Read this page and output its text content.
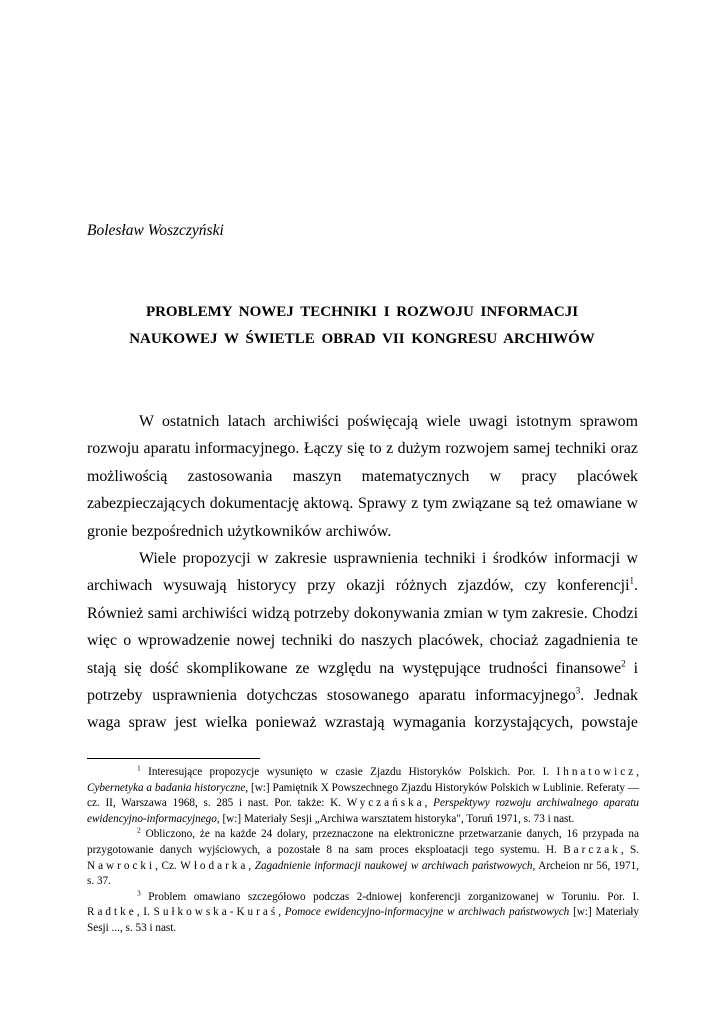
Bolesław Woszczyński
PROBLEMY NOWEJ TECHNIKI I ROZWOJU INFORMACJI
NAUKOWEJ W ŚWIETLE OBRAD VII KONGRESU ARCHIWÓW

W ostatnich latach archiwiści poświęcają wiele uwagi istotnym sprawom rozwoju aparatu informacyjnego. Łączy się to z dużym rozwojem samej techniki oraz możliwością zastosowania maszyn matematycznych w pracy placówek zabezpieczających dokumentację aktową. Sprawy z tym związane są też omawiane w gronie bezpośrednich użytkowników archiwów.

Wiele propozycji w zakresie usprawnienia techniki i środków informacji w archiwach wysuwają historycy przy okazji różnych zjazdów, czy konferencji$^1$. Również sami archiwiści widzą potrzeby dokonywania zmian w tym zakresie. Chodzi więc o wprowadzenie nowej techniki do naszych placówek, chociaż zagadnienia te stają się dość skomplikowane ze względu na występujące trudności finansowe$^2$ i potrzeby usprawnienia dotychczas stosowanego aparatu informacyjnego$^3$. Jednak waga spraw jest wielka ponieważ wzrastają wymagania korzystających, powstaje

$^1$ Interesujące propozycje wysunięto w czasie Zjazdu Historyków Polskich. Por. I. Ihnatowicz, Cybernetyka a badania historyczne, [w:] Pamiętnik X Powszechnego Zjazdu Historyków Polskich w Lublinie. Referaty — cz. II, Warszawa 1968, s. 285 i nast. Por. także: K. Wyczańska, Perspektywy rozwoju archiwalnego aparatu ewidencyjno-informacyjnego, [w:] Materiały Sesji „Archiwa warsztatem historyka", Toruń 1971, s. 73 i nast.

$^2$ Obliczono, że na każde 24 dolary, przeznaczone na elektroniczne przetwarzanie danych, 16 przypada na przygotowanie danych wyjściowych, a pozostałe 8 na sam proces eksploatacji tego systemu. H. Barczak, S. Nawrocki, Cz. Włodarka, Zagadnienie informacji naukowej w archiwach państwowych, Archeion nr 56, 1971, s. 37.

$^3$ Problem omawiano szczegółowo podczas 2-dniowej konferencji zorganizowanej w Toruniu. Por. I. Radtke, I. Sułkowska-Kuraś, Pomoce ewidencyjno-informacyjne w archiwach państwowych [w:] Materiały Sesji ..., s. 53 i nast.
